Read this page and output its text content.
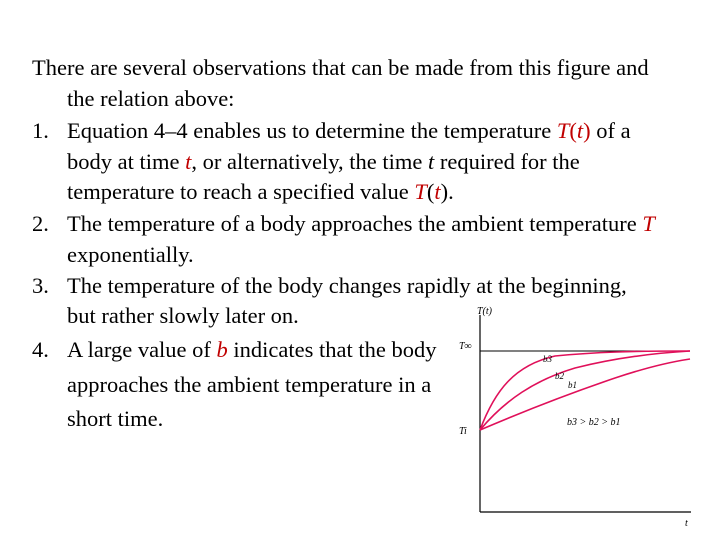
There are several observations that can be made from this figure and
the relation above:
1. Equation 4–4 enables us to determine the temperature T(t) of a
body at time t, or alternatively, the time t required for the
temperature to reach a specified value T(t).
2. The temperature of a body approaches the ambient temperature T
exponentially.
3. The temperature of the body changes rapidly at the beginning,
but rather slowly later on.
4. A large value of b indicates that the body
approaches the ambient temperature in a
short time.
T(t)
t
T∞
Ti
b3
b2
b1
b3 > b2 > b1
